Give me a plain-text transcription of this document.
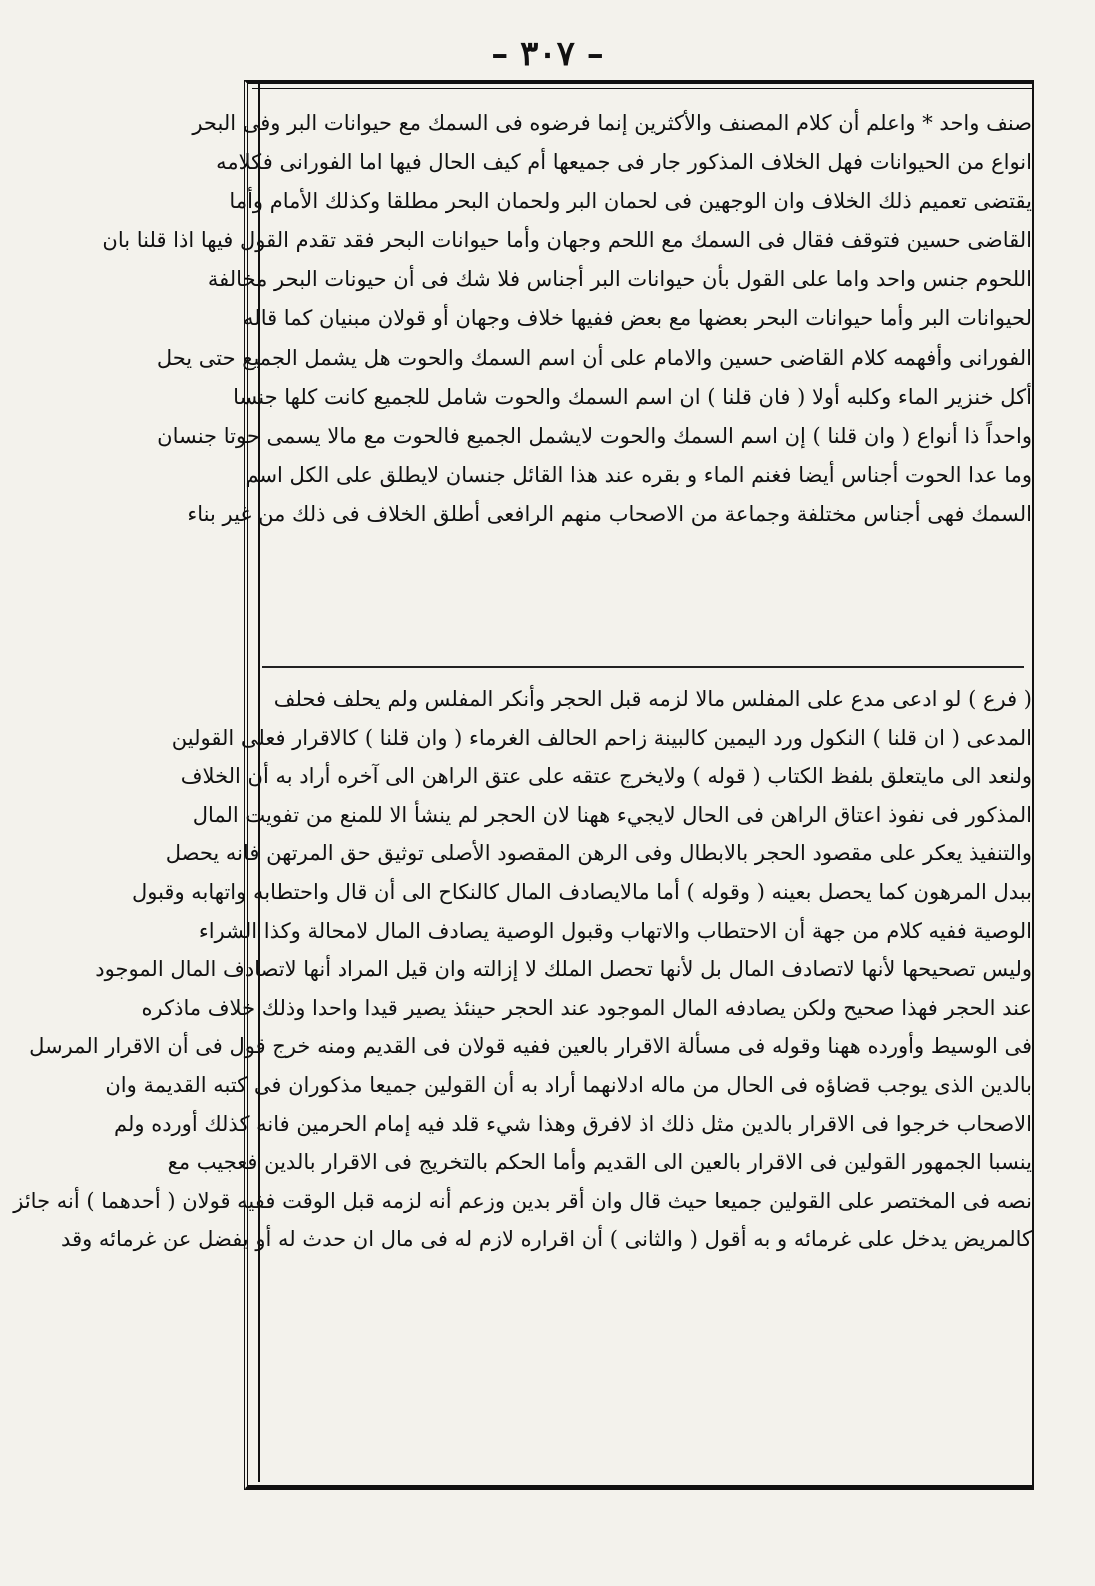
– ٣٠٧ –
صنف واحد * واعلم أن كلام المصنف والأكثرين إنما فرضوه فى السمك مع حيوانات البر وفى البحر
انواع من الحيوانات فهل الخلاف المذكور جار فى جميعها أم كيف الحال فيها اما الفورانى فكلامه
يقتضى تعميم ذلك الخلاف وان الوجهين فى لحمان البر ولحمان البحر مطلقا وكذلك الأمام وأما
القاضى حسين فتوقف فقال فى السمك مع اللحم وجهان وأما حيوانات البحر فقد تقدم القول فيها اذا قلنا بان
اللحوم جنس واحد واما على القول بأن حيوانات البر أجناس فلا شك فى أن حيونات البحر مخالفة
لحيوانات البر وأما حيوانات البحر بعضها مع بعض ففيها خلاف وجهان أو قولان مبنيان كما قاله
الفورانى وأفهمه كلام القاضى حسين والامام على أن اسم السمك والحوت هل يشمل الجميع حتى يحل
أكل خنزير الماء وكلبه أولا ( فان قلنا ) ان اسم السمك والحوت شامل للجميع كانت كلها جنسا
واحداً ذا أنواع ( وان قلنا ) إن اسم السمك والحوت لايشمل الجميع فالحوت مع مالا يسمى حوتا جنسان
وما عدا الحوت أجناس أيضا فغنم الماء و بقره عند هذا القائل جنسان لايطلق على الكل اسم
السمك فهى أجناس مختلفة وجماعة من الاصحاب منهم الرافعى أطلق الخلاف فى ذلك من غير بناء
( فرع ) لو ادعى مدع على المفلس مالا لزمه قبل الحجر وأنكر المفلس ولم يحلف فحلف
المدعى ( ان قلنا ) النكول ورد اليمين كالبينة زاحم الحالف الغرماء ( وان قلنا ) كالاقرار فعلى القولين
ولنعد الى مايتعلق بلفظ الكتاب ( قوله ) ولايخرج عتقه على عتق الراهن الى آخره أراد به أن الخلاف
المذكور فى نفوذ اعتاق الراهن فى الحال لايجيء ههنا لان الحجر لم ينشأ الا للمنع من تفويت المال
والتنفيذ يعكر على مقصود الحجر بالابطال وفى الرهن المقصود الأصلى توثيق حق المرتهن فانه يحصل
ببدل المرهون كما يحصل بعينه ( وقوله ) أما مالايصادف المال كالنكاح الى أن قال واحتطابه واتهابه وقبول
الوصية ففيه كلام من جهة أن الاحتطاب والاتهاب وقبول الوصية يصادف المال لامحالة وكذا الشراء
وليس تصحيحها لأنها لاتصادف المال بل لأنها تحصل الملك لا إزالته وان قيل المراد أنها لاتصادف المال الموجود
عند الحجر فهذا صحيح ولكن يصادفه المال الموجود عند الحجر حينئذ يصير قيدا واحدا وذلك خلاف ماذكره
فى الوسيط وأورده ههنا وقوله فى مسألة الاقرار بالعين ففيه قولان فى القديم ومنه خرج قول فى أن الاقرار المرسل
بالدين الذى يوجب قضاؤه فى الحال من ماله ادلانهما أراد به أن القولين جميعا مذكوران فى كتبه القديمة وان
الاصحاب خرجوا فى الاقرار بالدين مثل ذلك اذ لافرق وهذا شيء قلد فيه إمام الحرمين فانه كذلك أورده ولم
ينسبا الجمهور القولين فى الاقرار بالعين الى القديم وأما الحكم بالتخريج فى الاقرار بالدين فعجيب مع
نصه فى المختصر على القولين جميعا حيث قال وان أقر بدين وزعم أنه لزمه قبل الوقت ففيه قولان ( أحدهما ) أنه جائز
كالمريض يدخل على غرمائه و به أقول ( والثانى ) أن اقراره لازم له فى مال ان حدث له أو يفضل عن غرمائه وقد
